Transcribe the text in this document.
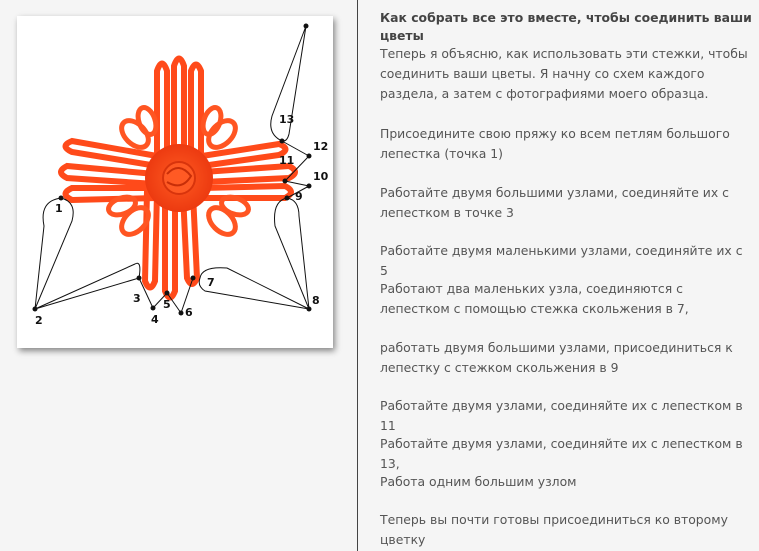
1
2
3
4
5
6
7
8
9
10
11
12
13
Как собрать все это вместе, чтобы соединить ваши цветы
Теперь я объясню, как использовать эти стежки, чтобы соединить ваши цветы. Я начну со схем каждого раздела, а затем с фотографиями моего образца.
Присоедините свою пряжу ко всем петлям большого лепестка (точка 1)
Работайте двумя большими узлами, соединяйте их с лепестком в точке 3
Работайте двумя маленькими узлами, соединяйте их с 5
Работают два маленьких узла, соединяются с лепестком с помощью стежка скольжения в 7,
работать двумя большими узлами, присоединиться к лепестку с стежком скольжения в 9
Работайте двумя узлами, соединяйте их с лепестком в 11
Работайте двумя узлами, соединяйте их с лепестком в 13,
Работа одним большим узлом
Теперь вы почти готовы присоединиться ко второму цветку
